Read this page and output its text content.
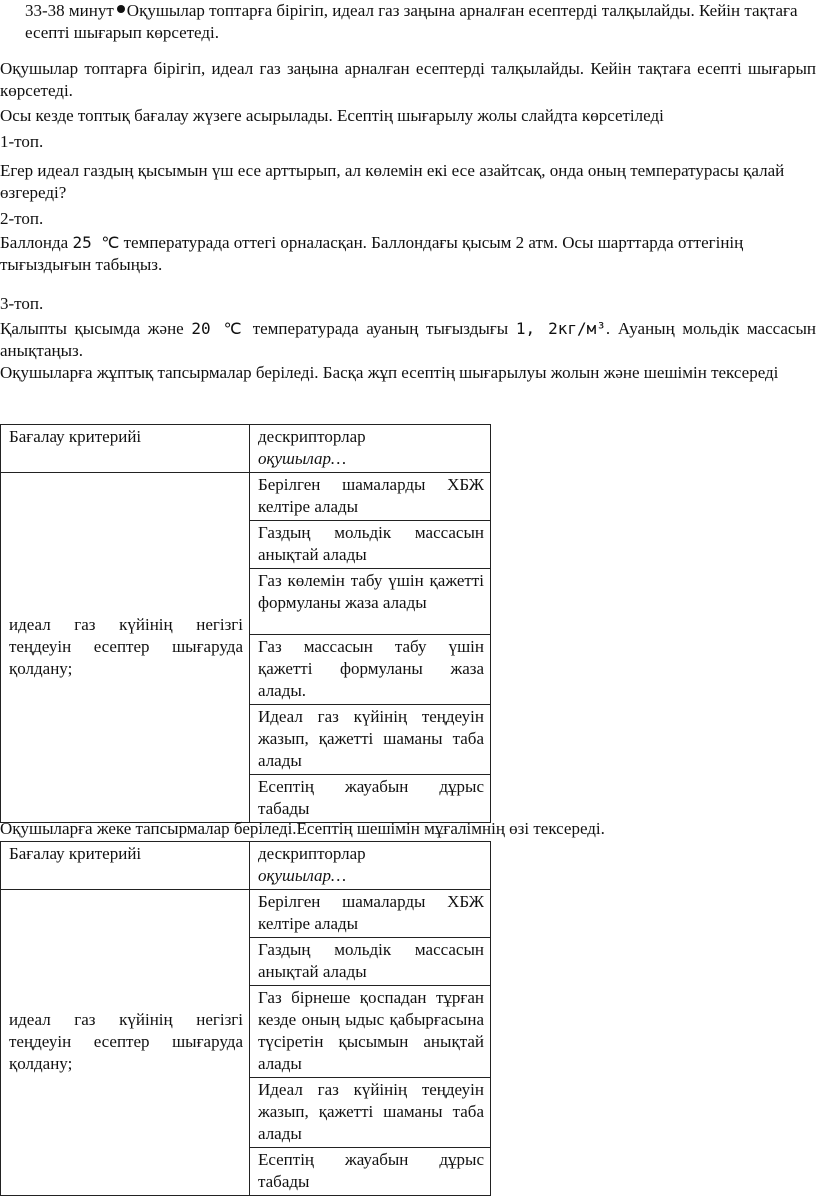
33-38 минут Оқушылар топтарға бірігіп, идеал газ заңына арналған есептерді талқылайды. Кейін тақтаға есепті шығарып көрсетеді.

Оқушылар топтарға бірігіп, идеал газ заңына арналған есептерді талқылайды. Кейін тақтаға есепті шығарып көрсетеді.

Осы кезде топтық бағалау жүзеге асырылады. Есептің шығарылу жолы слайдта көрсетіледі

1-топ.

Егер идеал газдың қысымын үш есе арттырып, ал көлемін екі есе азайтсақ, онда оның температурасы қалай өзгереді?

2-топ.

Баллонда 25 ℃ температурада оттегі орналасқан. Баллондағы қысым 2 атм. Осы шарттарда оттегінің тығыздығын табыңыз.

3-топ.

Қалыпты қысымда және 20 ℃ температурада ауаның тығыздығы 1, 2кг/м³. Ауаның мольдік массасын анықтаңыз.

Оқушыларға жұптық тапсырмалар беріледі. Басқа жұп есептің шығарылуы жолын және шешімін тексереді

Бағалау критерийі	дескрипторлар
оқушылар…

идеал газ күйінің негізгі теңдеуін есептер шығаруда қолдану;	Берілген шамаларды ХБЖ келтіре алады
	Газдың мольдік массасын анықтай алады
	Газ көлемін табу үшін қажетті формуланы жаза алады
	Газ массасын табу үшін қажетті формуланы жаза алады.
	Идеал газ күйінің теңдеуін жазып, қажетті шаманы таба алады
	Есептің жауабын дұрыс табады

Оқушыларға жеке тапсырмалар беріледі.Есептің шешімін мұғалімнің өзі тексереді.

Бағалау критерийі	дескрипторлар
оқушылар…

идеал газ күйінің негізгі теңдеуін есептер шығаруда қолдану;	Берілген шамаларды ХБЖ келтіре алады
	Газдың мольдік массасын анықтай алады
	Газ бірнеше қоспадан тұрған кезде оның ыдыс қабырғасына түсіретін қысымын анықтай алады
	Идеал газ күйінің теңдеуін жазып, қажетті шаманы таба алады
	Есептің жауабын дұрыс табады
